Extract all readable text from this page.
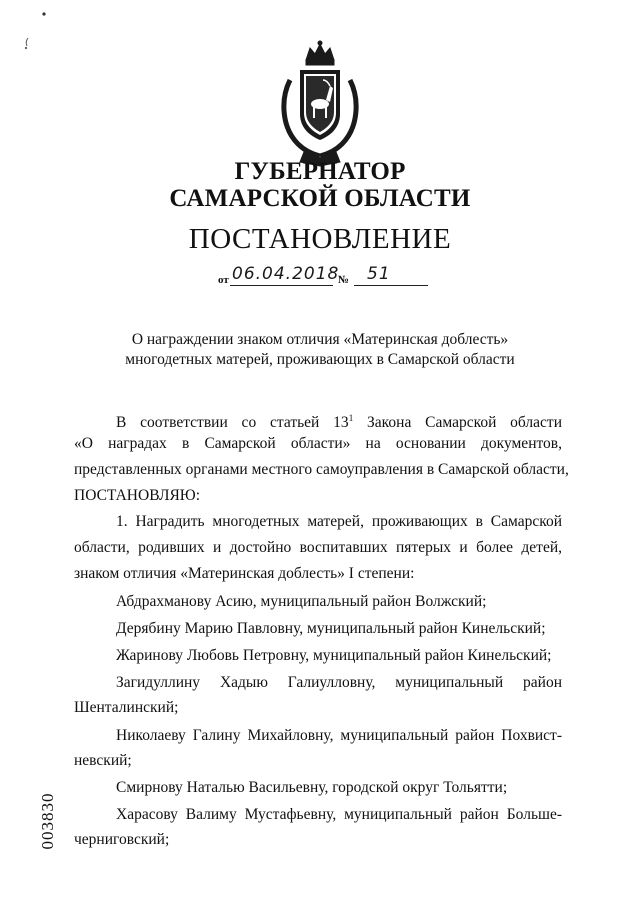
ГУБЕРНАТОР
САМАРСКОЙ ОБЛАСТИ
ПОСТАНОВЛЕНИЕ
от 06.04.2018
№ 51
О награждении знаком отличия «Материнская доблесть»
многодетных матерей, проживающих в Самарской области
В соответствии со статьей $13^1$ Закона Самарской области
«О наградах в Самарской области» на основании документов,
представленных органами местного самоуправления в Самарской области,
ПОСТАНОВЛЯЮ:
1. Наградить многодетных матерей, проживающих в Самарской
области, родивших и достойно воспитавших пятерых и более детей,
знаком отличия «Материнская доблесть» I степени:
Абдрахманову Асию, муниципальный район Волжский;
Дерябину Марию Павловну, муниципальный район Кинельский;
Жаринову Любовь Петровну, муниципальный район Кинельский;
Загидуллину Хадыю Галиулловну, муниципальный район
Шенталинский;
Николаеву Галину Михайловну, муниципальный район Похвист-
невский;
Смирнову Наталью Васильевну, городской округ Тольятти;
Харасову Валиму Мустафьевну, муниципальный район Больше-
черниговский;
003830
